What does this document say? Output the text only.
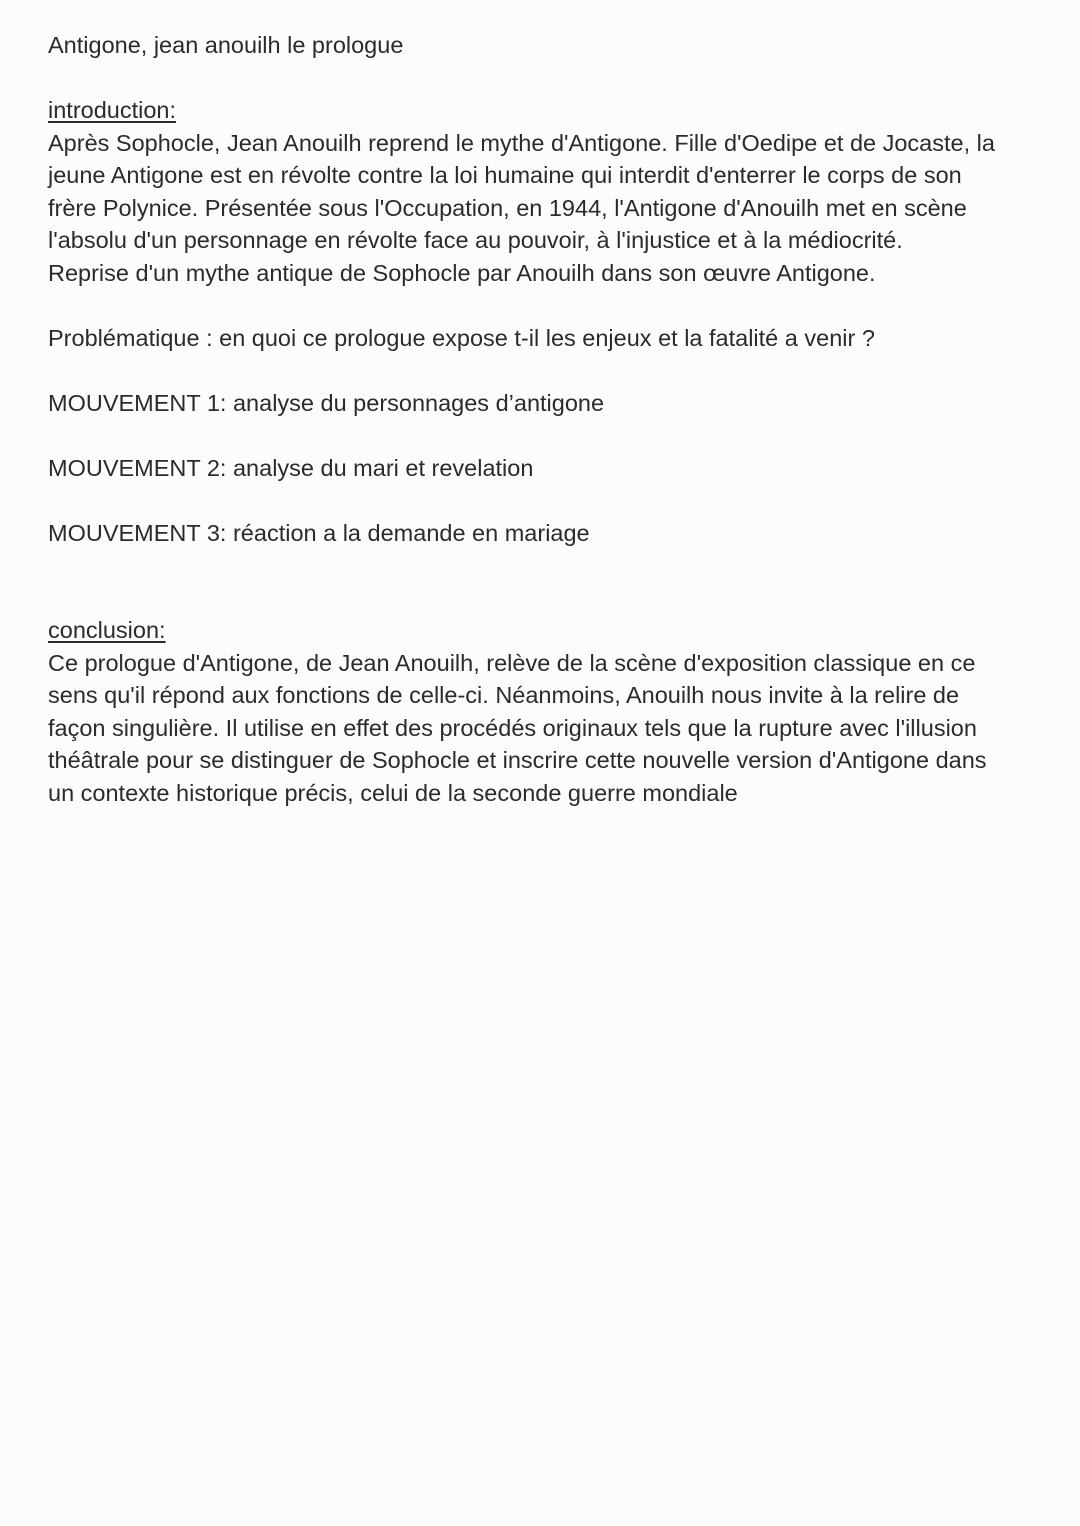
Antigone, jean anouilh le prologue
introduction:
Après Sophocle, Jean Anouilh reprend le mythe d'Antigone. Fille d'Oedipe et de Jocaste, la
jeune Antigone est en révolte contre la loi humaine qui interdit d'enterrer le corps de son
frère Polynice. Présentée sous l'Occupation, en 1944, l'Antigone d'Anouilh met en scène
l'absolu d'un personnage en révolte face au pouvoir, à l'injustice et à la médiocrité.
Reprise d'un mythe antique de Sophocle par Anouilh dans son œuvre Antigone.
Problématique : en quoi ce prologue expose t-il les enjeux et la fatalité a venir ?
MOUVEMENT 1: analyse du personnages d’antigone
MOUVEMENT 2: analyse du mari et revelation
MOUVEMENT 3: réaction a la demande en mariage
conclusion:
Ce prologue d'Antigone, de Jean Anouilh, relève de la scène d'exposition classique en ce
sens qu'il répond aux fonctions de celle-ci. Néanmoins, Anouilh nous invite à la relire de
façon singulière. Il utilise en effet des procédés originaux tels que la rupture avec l'illusion
théâtrale pour se distinguer de Sophocle et inscrire cette nouvelle version d'Antigone dans
un contexte historique précis, celui de la seconde guerre mondiale
